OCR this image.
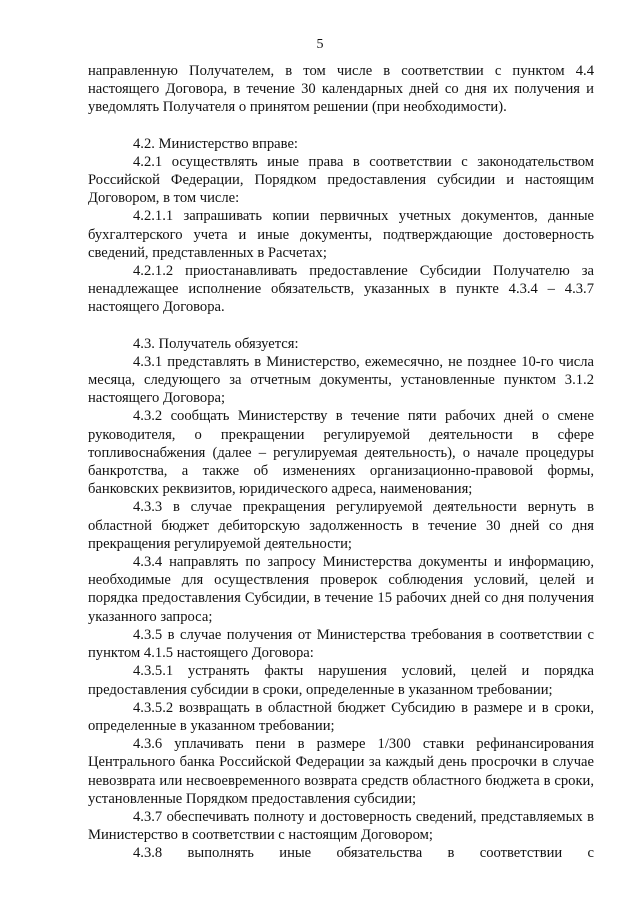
5

направленную Получателем, в том числе в соответствии с пунктом 4.4 настоящего Договора, в течение 30 календарных дней со дня их получения и уведомлять Получателя о принятом решении (при необходимости).

4.2. Министерство вправе:

4.2.1 осуществлять иные права в соответствии с законодательством Российской Федерации, Порядком предоставления субсидии и настоящим Договором, в том числе:

4.2.1.1 запрашивать копии первичных учетных документов, данные бухгалтерского учета и иные документы, подтверждающие достоверность сведений, представленных в Расчетах;

4.2.1.2 приостанавливать предоставление Субсидии Получателю за ненадлежащее исполнение обязательств, указанных в пункте 4.3.4 – 4.3.7 настоящего Договора.

4.3. Получатель обязуется:

4.3.1 представлять в Министерство, ежемесячно, не позднее 10-го числа месяца, следующего за отчетным документы, установленные пунктом 3.1.2 настоящего Договора;

4.3.2 сообщать Министерству в течение пяти рабочих дней о смене руководителя, о прекращении регулируемой деятельности в сфере топливоснабжения (далее – регулируемая деятельность), о начале процедуры банкротства, а также об изменениях организационно-правовой формы, банковских реквизитов, юридического адреса, наименования;

4.3.3 в случае прекращения регулируемой деятельности вернуть в областной бюджет дебиторскую задолженность в течение 30 дней со дня прекращения регулируемой деятельности;

4.3.4 направлять по запросу Министерства документы и информацию, необходимые для осуществления проверок соблюдения условий, целей и порядка предоставления Субсидии, в течение 15 рабочих дней со дня получения указанного запроса;

4.3.5 в случае получения от Министерства требования в соответствии с пунктом 4.1.5 настоящего Договора:

4.3.5.1 устранять факты нарушения условий, целей и порядка предоставления субсидии в сроки, определенные в указанном требовании;

4.3.5.2 возвращать в областной бюджет Субсидию в размере и в сроки, определенные в указанном требовании;

4.3.6 уплачивать пени в размере 1/300 ставки рефинансирования Центрального банка Российской Федерации за каждый день просрочки в случае невозврата или несвоевременного возврата средств областного бюджета в сроки, установленные Порядком предоставления субсидии;

4.3.7 обеспечивать полноту и достоверность сведений, представляемых в Министерство в соответствии с настоящим Договором;

4.3.8 выполнять иные обязательства в соответствии с
